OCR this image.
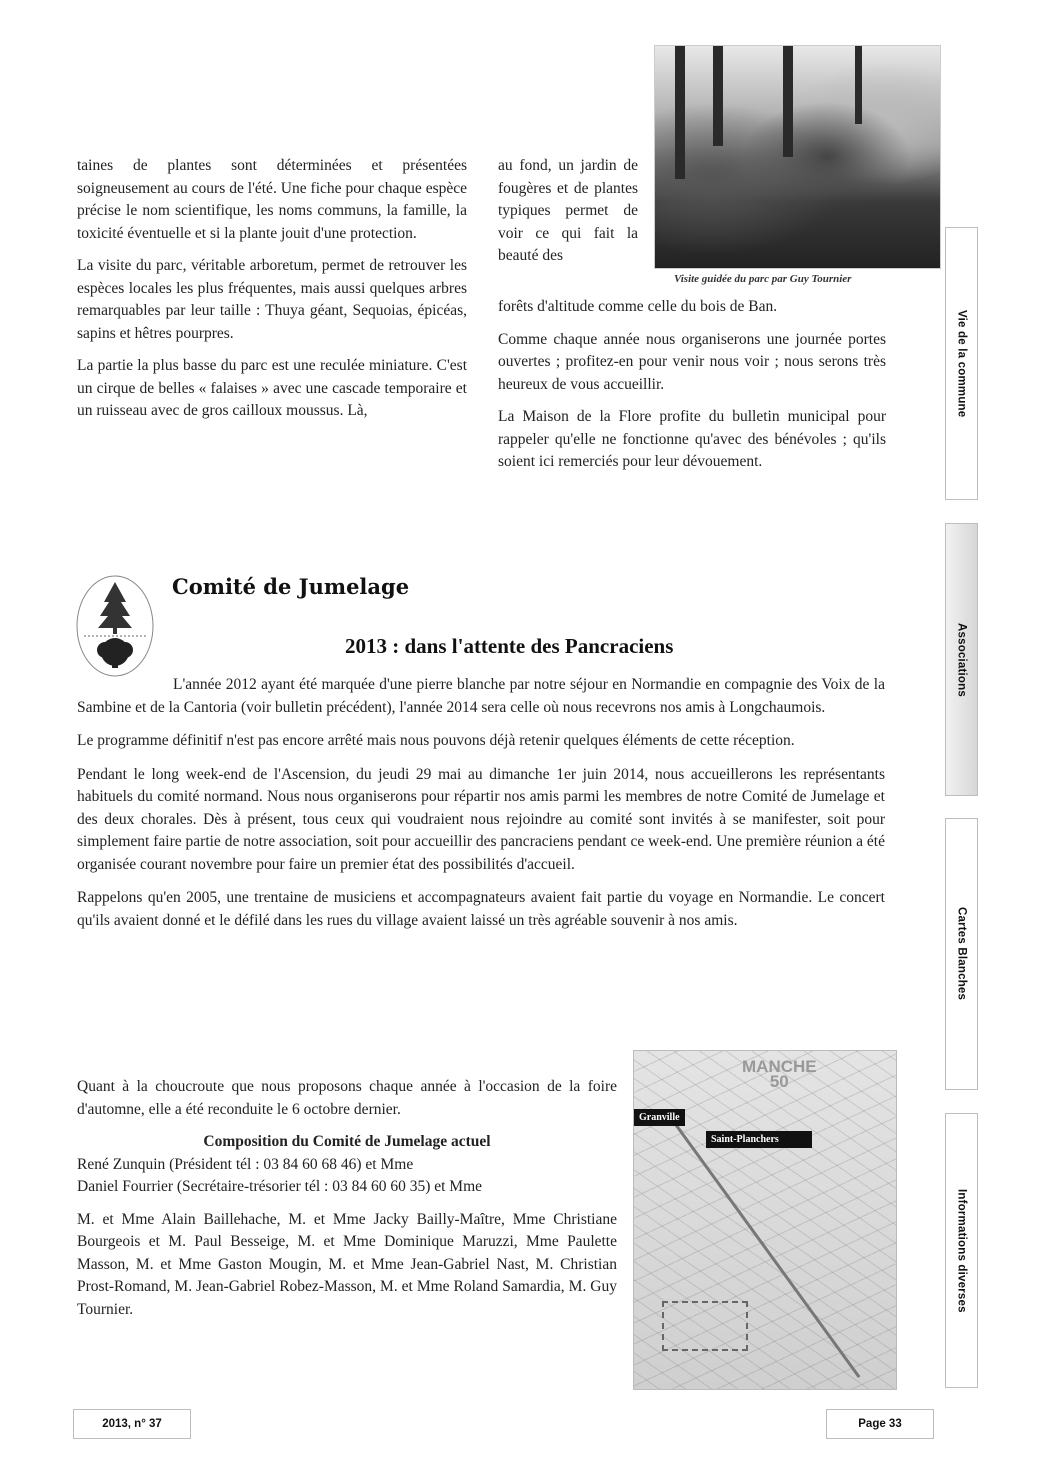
taines de plantes sont déterminées et présentées soigneusement au cours de l'été. Une fiche pour chaque espèce précise le nom scientifique, les noms communs, la famille, la toxicité éventuelle et si la plante jouit d'une protection.

La visite du parc, véritable arboretum, permet de retrouver les espèces locales les plus fréquentes, mais aussi quelques arbres remarquables par leur taille : Thuya géant, Sequoias, épicéas, sapins et hêtres pourpres.

La partie la plus basse du parc est une reculée miniature. C'est un cirque de belles « falaises » avec une cascade temporaire et un ruisseau avec de gros cailloux moussus. Là,

Visite guidée du parc par Guy Tournier

au fond, un jardin de fougères et de plantes typiques permet de voir ce qui fait la beauté des

forêts d'altitude comme celle du bois de Ban.

Comme chaque année nous organiserons une journée portes ouvertes ; profitez-en pour venir nous voir ; nous serons très heureux de vous accueillir.

La Maison de la Flore profite du bulletin municipal pour rappeler qu'elle ne fonctionne qu'avec des bénévoles ; qu'ils soient ici remerciés pour leur dévouement.

Vie de la commune
Associations
Cartes Blanches
Informations diverses
Comité de Jumelage
2013 : dans l'attente des Pancraciens

L'année 2012 ayant été marquée d'une pierre blanche par notre séjour en Normandie en compagnie des Voix de la Sambine et de la Cantoria (voir bulletin précédent), l'année 2014 sera celle où nous recevrons nos amis à Longchaumois.

Le programme définitif n'est pas encore arrêté mais nous pouvons déjà retenir quelques éléments de cette réception.

Pendant le long week-end de l'Ascension, du jeudi 29 mai au dimanche 1er juin 2014, nous accueillerons les représentants habituels du comité normand. Nous nous organiserons pour répartir nos amis parmi les membres de notre Comité de Jumelage et des deux chorales. Dès à présent, tous ceux qui voudraient nous rejoindre au comité sont invités à se manifester, soit pour simplement faire partie de notre association, soit pour accueillir des pancraciens pendant ce week-end. Une première réunion a été organisée courant novembre pour faire un premier état des possibilités d'accueil.

Rappelons qu'en 2005, une trentaine de musiciens et accompagnateurs avaient fait partie du voyage en Normandie. Le concert qu'ils avaient donné et le défilé dans les rues du village avaient laissé un très agréable souvenir à nos amis.

Quant à la choucroute que nous proposons chaque année à l'occasion de la foire d'automne, elle a été reconduite le 6 octobre dernier.

Composition du Comité de Jumelage actuel

René Zunquin (Président tél : 03 84 60 68 46) et Mme

Daniel Fourrier (Secrétaire-trésorier tél : 03 84 60 60 35) et Mme

M. et Mme Alain Baillehache, M. et Mme Jacky Bailly-Maître, Mme Christiane Bourgeois et M. Paul Besseige, M. et Mme Dominique Maruzzi, Mme Paulette Masson, M. et Mme Gaston Mougin, M. et Mme Jean-Gabriel Nast, M. Christian Prost-Romand, M. Jean-Gabriel Robez-Masson, M. et Mme Roland Samardia, M. Guy Tournier.

MANCHE
50
Granville
Saint-Planchers
2013, n° 37	Page 33
